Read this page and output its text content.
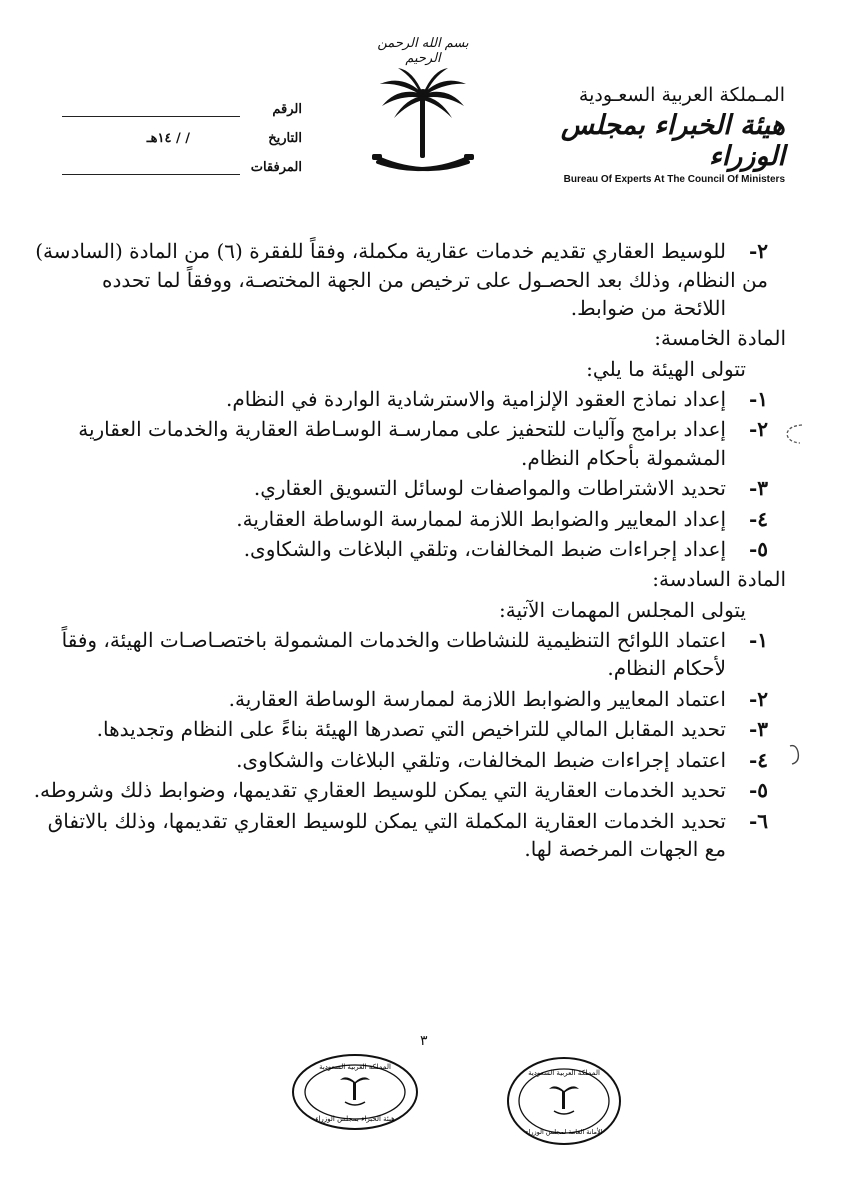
المـملكة العربية السعـودية
هيئة الخبراء بمجلس الوزراء
Bureau Of Experts At The Council Of Ministers
بسم الله الرحمن الرحيم
الرقم
التاريخ
/ / ١٤هـ
المرفقات
٢-
للوسيط العقاري تقديم خدمات عقارية مكملة، وفقاً للفقرة (٦) من المادة (السادسة)
من النظام، وذلك بعد الحصـول على ترخيص من الجهة المختصـة، ووفقاً لما تحدده
اللائحة من ضوابط.
المادة الخامسة:
تتولى الهيئة ما يلي:
١-
إعداد نماذج العقود الإلزامية والاسترشادية الواردة في النظام.
٢-
إعداد برامج وآليات للتحفيز على ممارسـة الوسـاطة العقارية والخدمات العقارية
المشمولة بأحكام النظام.
٣-
تحديد الاشتراطات والمواصفات لوسائل التسويق العقاري.
٤-
إعداد المعايير والضوابط اللازمة لممارسة الوساطة العقارية.
٥-
إعداد إجراءات ضبط المخالفات، وتلقي البلاغات والشكاوى.
المادة السادسة:
يتولى المجلس المهمات الآتية:
١-
اعتماد اللوائح التنظيمية للنشاطات والخدمات المشمولة باختصـاصـات الهيئة، وفقاً
لأحكام النظام.
٢-
اعتماد المعايير والضوابط اللازمة لممارسة الوساطة العقارية.
٣-
تحديد المقابل المالي للتراخيص التي تصدرها الهيئة بناءً على النظام وتجديدها.
٤-
اعتماد إجراءات ضبط المخالفات، وتلقي البلاغات والشكاوى.
٥-
تحديد الخدمات العقارية التي يمكن للوسيط العقاري تقديمها، وضوابط ذلك وشروطه.
٦-
تحديد الخدمات العقارية المكملة التي يمكن للوسيط العقاري تقديمها، وذلك بالاتفاق
مع الجهات المرخصة لها.
٣
المملكة العربية السعودية
هيئة الخبراء بمجلس الوزراء
المملكة العربية السعودية
الأمانة العامة لمجلس الوزراء
